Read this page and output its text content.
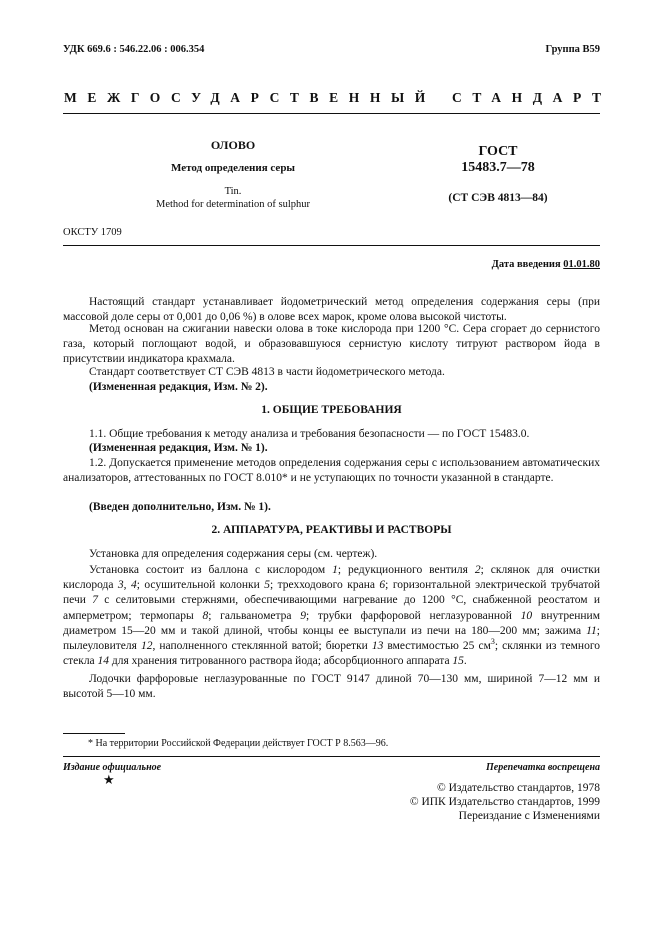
УДК 669.6 : 546.22.06 : 006.354	Группа В59
МЕЖГОСУДАРСТВЕННЫЙ СТАНДАРТ
ОЛОВО
Метод определения серы
Tin.
Method for determination of sulphur
ГОСТ
15483.7—78
(СТ СЭВ 4813—84)
ОКСТУ 1709
Дата введения 01.01.80

Настоящий стандарт устанавливает йодометрический метод определения содержания серы (при массовой доле серы от 0,001 до 0,06 %) в олове всех марок, кроме олова высокой чистоты.

Метод основан на сжигании навески олова в токе кислорода при 1200 °С. Сера сгорает до сернистого газа, который поглощают водой, и образовавшуюся сернистую кислоту титруют раствором йода в присутствии индикатора крахмала.

Стандарт соответствует СТ СЭВ 4813 в части йодометрического метода.

(Измененная редакция, Изм. № 2).

1. ОБЩИЕ ТРЕБОВАНИЯ

1.1. Общие требования к методу анализа и требования безопасности — по ГОСТ 15483.0.

(Измененная редакция, Изм. № 1).

1.2. Допускается применение методов определения содержания серы с использованием автоматических анализаторов, аттестованных по ГОСТ 8.010* и не уступающих по точности указанной в стандарте.

(Введен дополнительно, Изм. № 1).

2. АППАРАТУРА, РЕАКТИВЫ И РАСТВОРЫ

Установка для определения содержания серы (см. чертеж).

Установка состоит из баллона с кислородом 1; редукционного вентиля 2; склянок для очистки кислорода 3, 4; осушительной колонки 5; трехходового крана 6; горизонтальной электрической трубчатой печи 7 с селитовыми стержнями, обеспечивающими нагревание до 1200 °С, снабженной реостатом и амперметром; термопары 8; гальванометра 9; трубки фарфоровой неглазурованной 10 внутренним диаметром 15—20 мм и такой длиной, чтобы концы ее выступали из печи на 180—200 мм; зажима 11; пылеуловителя 12, наполненного стеклянной ватой; бюретки 13 вместимостью 25 $см^3$; склянки из темного стекла 14 для хранения титрованного раствора йода; абсорбционного аппарата 15.

Лодочки фарфоровые неглазурованные по ГОСТ 9147 длиной 70—130 мм, шириной 7—12 мм и высотой 5—10 мм.

* На территории Российской Федерации действует ГОСТ Р 8.563—96.
Издание официальное
★
Перепечатка воспрещена
© Издательство стандартов, 1978
© ИПК Издательство стандартов, 1999
Переиздание с Изменениями
